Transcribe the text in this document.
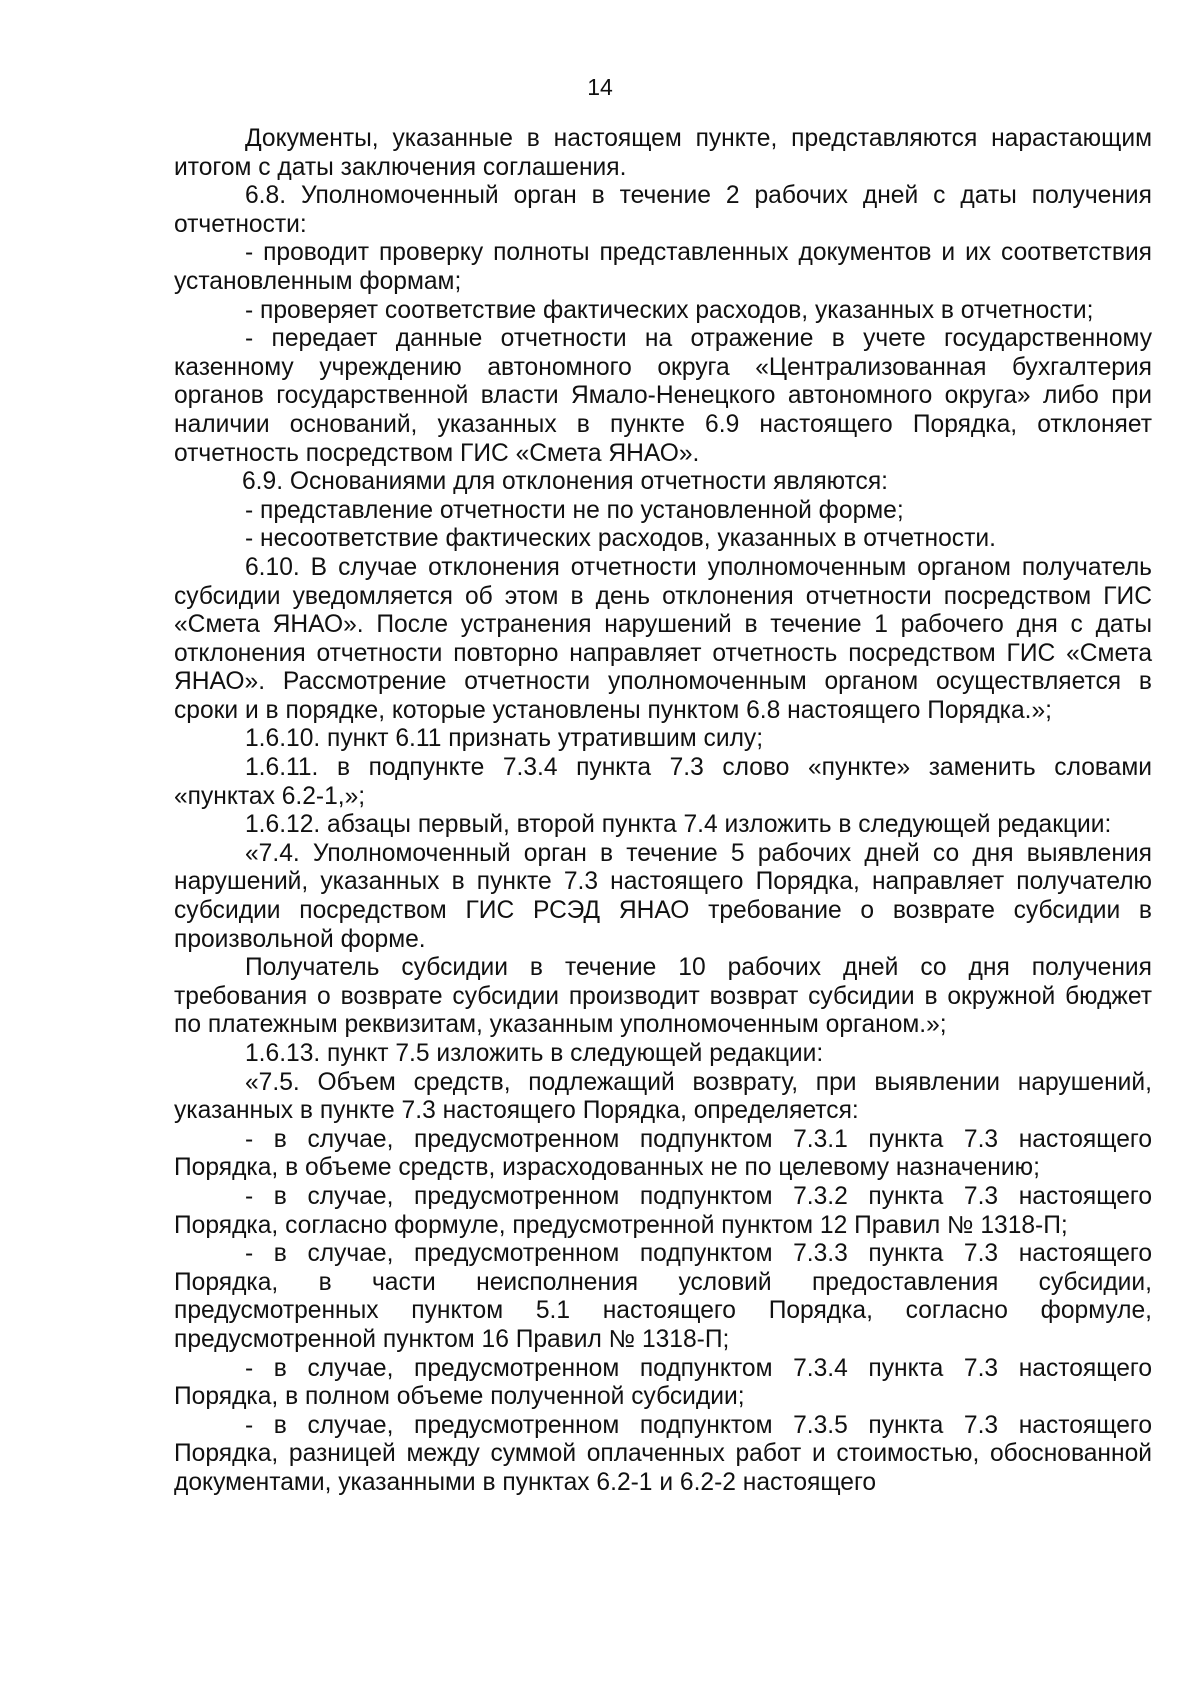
14

Документы, указанные в настоящем пункте, представляются нарастающим итогом с даты заключения соглашения.

6.8. Уполномоченный орган в течение 2 рабочих дней с даты получения отчетности:

- проводит проверку полноты представленных документов и их соответствия установленным формам;

- проверяет соответствие фактических расходов, указанных в отчетности;

- передает данные отчетности на отражение в учете государственному казенному учреждению автономного округа «Централизованная бухгалтерия органов государственной власти Ямало-Ненецкого автономного округа» либо при наличии оснований, указанных в пункте 6.9 настоящего Порядка, отклоняет отчетность посредством ГИС «Смета ЯНАО».

6.9. Основаниями для отклонения отчетности являются:

- представление отчетности не по установленной форме;

- несоответствие фактических расходов, указанных в отчетности.

6.10. В случае отклонения отчетности уполномоченным органом получатель субсидии уведомляется об этом в день отклонения отчетности посредством ГИС «Смета ЯНАО». После устранения нарушений в течение 1 рабочего дня с даты отклонения отчетности повторно направляет отчетность посредством ГИС «Смета ЯНАО». Рассмотрение отчетности уполномоченным органом осуществляется в сроки и в порядке, которые установлены пунктом 6.8 настоящего Порядка.»;

1.6.10. пункт 6.11 признать утратившим силу;

1.6.11. в подпункте 7.3.4 пункта 7.3 слово «пункте» заменить словами «пунктах 6.2-1,»;

1.6.12. абзацы первый, второй пункта 7.4 изложить в следующей редакции:

«7.4. Уполномоченный орган в течение 5 рабочих дней со дня выявления нарушений, указанных в пункте 7.3 настоящего Порядка, направляет получателю субсидии посредством ГИС РСЭД ЯНАО требование о возврате субсидии в произвольной форме.

Получатель субсидии в течение 10 рабочих дней со дня получения требования о возврате субсидии производит возврат субсидии в окружной бюджет по платежным реквизитам, указанным уполномоченным органом.»;

1.6.13. пункт 7.5 изложить в следующей редакции:

«7.5. Объем средств, подлежащий возврату, при выявлении нарушений, указанных в пункте 7.3 настоящего Порядка, определяется:

- в случае, предусмотренном подпунктом 7.3.1 пункта 7.3 настоящего Порядка, в объеме средств, израсходованных не по целевому назначению;

- в случае, предусмотренном подпунктом 7.3.2 пункта 7.3 настоящего Порядка, согласно формуле, предусмотренной пунктом 12 Правил № 1318-П;

- в случае, предусмотренном подпунктом 7.3.3 пункта 7.3 настоящего Порядка, в части неисполнения условий предоставления субсидии, предусмотренных пунктом 5.1 настоящего Порядка, согласно формуле, предусмотренной пунктом 16 Правил № 1318-П;

- в случае, предусмотренном подпунктом 7.3.4 пункта 7.3 настоящего Порядка, в полном объеме полученной субсидии;

- в случае, предусмотренном подпунктом 7.3.5 пункта 7.3 настоящего Порядка, разницей между суммой оплаченных работ и стоимостью, обоснованной документами, указанными в пунктах 6.2-1 и 6.2-2 настоящего
